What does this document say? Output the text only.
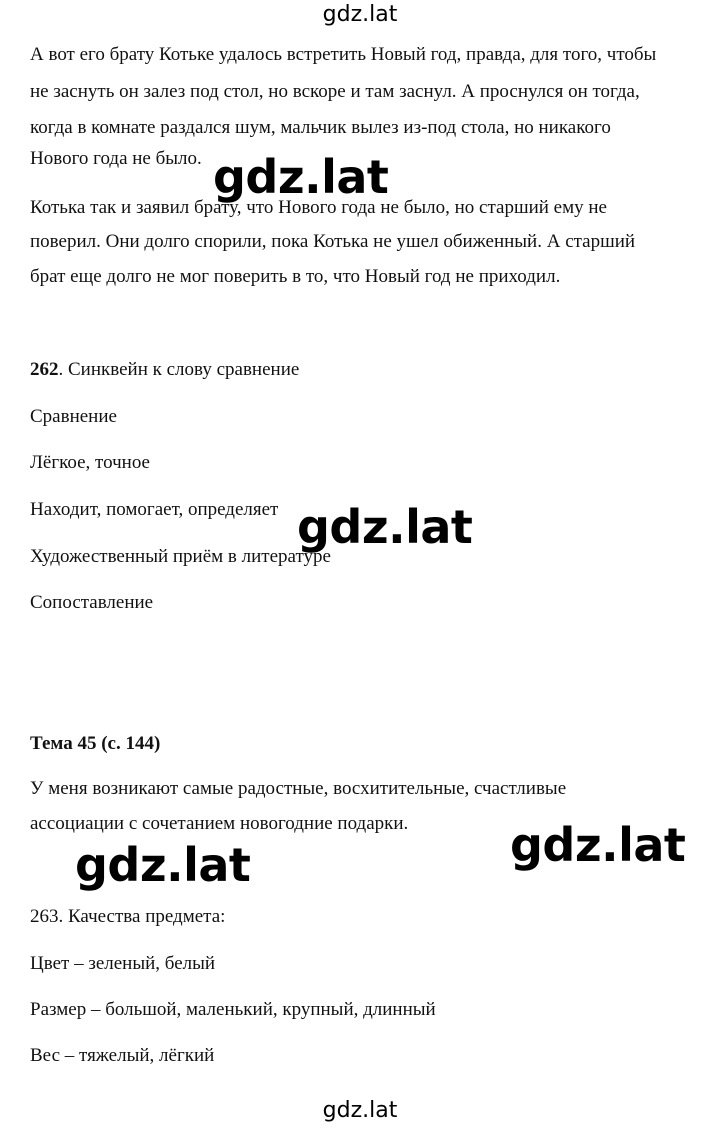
gdz.lat
А вот его брату Котьке удалось встретить Новый год, правда, для того, чтобы
не заснуть он залез под стол, но вскоре и там заснул. А проснулся он тогда,
когда в комнате раздался шум, мальчик вылез из-под стола, но никакого
Нового года не было.
Котька так и заявил брату, что Нового года не было, но старший ему не
поверил. Они долго спорили, пока Котька не ушел обиженный. А старший
брат еще долго не мог поверить в то, что Новый год не приходил.
262. Синквейн к слову сравнение
Сравнение
Лёгкое, точное
Находит, помогает, определяет
Художественный приём в литературе
Сопоставление
Тема 45 (с. 144)
У меня возникают самые радостные, восхитительные, счастливые
ассоциации с сочетанием новогодние подарки.
263. Качества предмета:
Цвет – зеленый, белый
Размер – большой, маленький, крупный, длинный
Вес – тяжелый, лёгкий
gdz.lat
gdz.lat
gdz.lat
gdz.lat
gdz.lat
